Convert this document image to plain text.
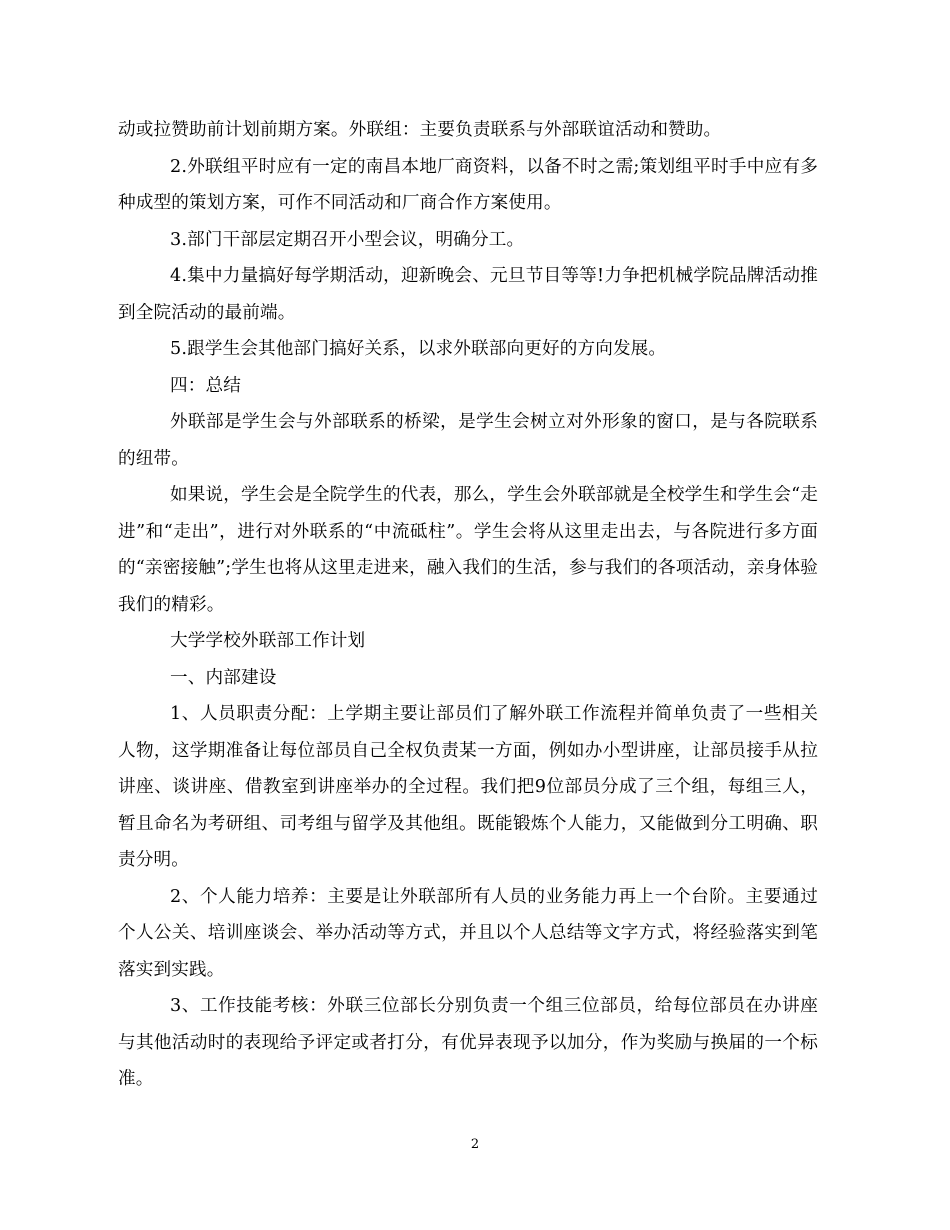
动或拉赞助前计划前期方案。外联组：主要负责联系与外部联谊活动和赞助。

2.外联组平时应有一定的南昌本地厂商资料，以备不时之需;策划组平时手中应有多种成型的策划方案，可作不同活动和厂商合作方案使用。

3.部门干部层定期召开小型会议，明确分工。

4.集中力量搞好每学期活动，迎新晚会、元旦节目等等!力争把机械学院品牌活动推到全院活动的最前端。

5.跟学生会其他部门搞好关系，以求外联部向更好的方向发展。

四：总结

外联部是学生会与外部联系的桥梁，是学生会树立对外形象的窗口，是与各院联系的纽带。

如果说，学生会是全院学生的代表，那么，学生会外联部就是全校学生和学生会“走进”和“走出”，进行对外联系的“中流砥柱”。学生会将从这里走出去，与各院进行多方面的“亲密接触”;学生也将从这里走进来，融入我们的生活，参与我们的各项活动，亲身体验我们的精彩。

大学学校外联部工作计划

一、内部建设

1、人员职责分配：上学期主要让部员们了解外联工作流程并简单负责了一些相关人物，这学期准备让每位部员自己全权负责某一方面，例如办小型讲座，让部员接手从拉讲座、谈讲座、借教室到讲座举办的全过程。我们把9位部员分成了三个组，每组三人，暂且命名为考研组、司考组与留学及其他组。既能锻炼个人能力，又能做到分工明确、职责分明。

2、个人能力培养：主要是让外联部所有人员的业务能力再上一个台阶。主要通过个人公关、培训座谈会、举办活动等方式，并且以个人总结等文字方式，将经验落实到笔落实到实践。

3、工作技能考核：外联三位部长分别负责一个组三位部员，给每位部员在办讲座与其他活动时的表现给予评定或者打分，有优异表现予以加分，作为奖励与换届的一个标准。

2
